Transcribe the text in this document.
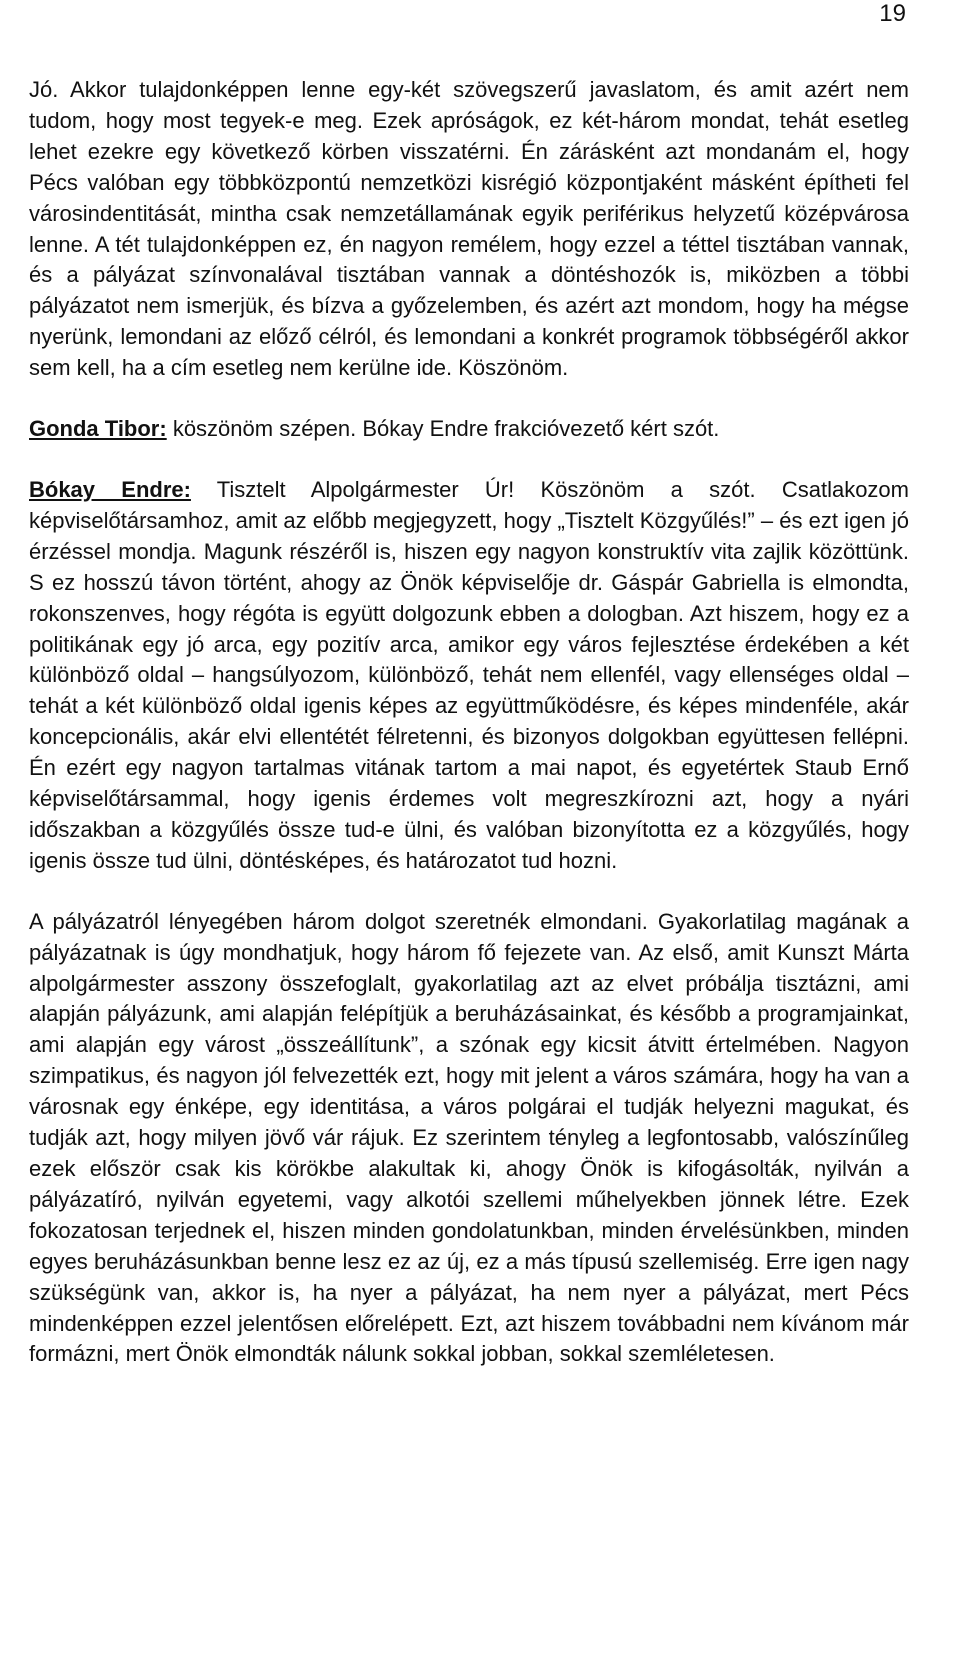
19

Jó. Akkor tulajdonképpen lenne egy-két szövegszerű javaslatom, és amit azért nem tudom, hogy most tegyek-e meg. Ezek apróságok, ez két-három mondat, tehát esetleg lehet ezekre egy következő körben visszatérni. Én zárásként azt mondanám el, hogy Pécs valóban egy többközpontú nemzetközi kisrégió központjaként másként építheti fel városindentitását, mintha csak nemzetállamának egyik periférikus helyzetű középvárosa lenne. A tét tulajdonképpen ez, én nagyon remélem, hogy ezzel a téttel tisztában vannak, és a pályázat színvonalával tisztában vannak a döntéshozók is, miközben a többi pályázatot nem ismerjük, és bízva a győzelemben, és azért azt mondom, hogy ha mégse nyerünk, lemondani az előző célról, és lemondani a konkrét programok többségéről akkor sem kell, ha a cím esetleg nem kerülne ide. Köszönöm.

Gonda Tibor: köszönöm szépen. Bókay Endre frakcióvezető kért szót.

Bókay Endre: Tisztelt Alpolgármester Úr! Köszönöm a szót. Csatlakozom képviselőtársamhoz, amit az előbb megjegyzett, hogy „Tisztelt Közgyűlés!” – és ezt igen jó érzéssel mondja. Magunk részéről is, hiszen egy nagyon konstruktív vita zajlik közöttünk. S ez hosszú távon történt, ahogy az Önök képviselője dr. Gáspár Gabriella is elmondta, rokonszenves, hogy régóta is együtt dolgozunk ebben a dologban. Azt hiszem, hogy ez a politikának egy jó arca, egy pozitív arca, amikor egy város fejlesztése érdekében a két különböző oldal – hangsúlyozom, különböző, tehát nem ellenfél, vagy ellenséges oldal – tehát a két különböző oldal igenis képes az együttműködésre, és képes mindenféle, akár koncepcionális, akár elvi ellentétét félretenni, és bizonyos dolgokban együttesen fellépni. Én ezért egy nagyon tartalmas vitának tartom a mai napot, és egyetértek Staub Ernő képviselőtársammal, hogy igenis érdemes volt megreszkírozni azt, hogy a nyári időszakban a közgyűlés össze tud-e ülni, és valóban bizonyította ez a közgyűlés, hogy igenis össze tud ülni, döntésképes, és határozatot tud hozni.

A pályázatról lényegében három dolgot szeretnék elmondani. Gyakorlatilag magának a pályázatnak is úgy mondhatjuk, hogy három fő fejezete van. Az első, amit Kunszt Márta alpolgármester asszony összefoglalt, gyakorlatilag azt az elvet próbálja tisztázni, ami alapján pályázunk, ami alapján felépítjük a beruházásainkat, és később a programjainkat, ami alapján egy várost „összeállítunk”, a szónak egy kicsit átvitt értelmében. Nagyon szimpatikus, és nagyon jól felvezették ezt, hogy mit jelent a város számára, hogy ha van a városnak egy énképe, egy identitása, a város polgárai el tudják helyezni magukat, és tudják azt, hogy milyen jövő vár rájuk. Ez szerintem tényleg a legfontosabb, valószínűleg ezek először csak kis körökbe alakultak ki, ahogy Önök is kifogásolták, nyilván a pályázatíró, nyilván egyetemi, vagy alkotói szellemi műhelyekben jönnek létre. Ezek fokozatosan terjednek el, hiszen minden gondolatunkban, minden érvelésünkben, minden egyes beruházásunkban benne lesz ez az új, ez a más típusú szellemiség. Erre igen nagy szükségünk van, akkor is, ha nyer a pályázat, ha nem nyer a pályázat, mert Pécs mindenképpen ezzel jelentősen előrelépett. Ezt, azt hiszem továbbadni nem kívánom már formázni, mert Önök elmondták nálunk sokkal jobban, sokkal szemléletesen.
